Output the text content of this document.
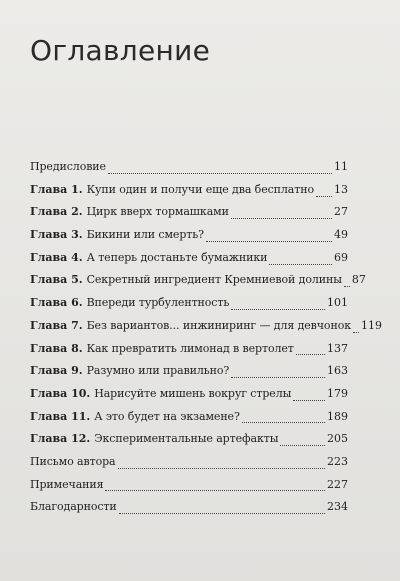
Оглавление
Предисловие	11
Глава 1. Купи один и получи еще два бесплатно 13
Глава 2. Цирк вверх тормашками	27
Глава 3. Бикини или смерть?	49
Глава 4. А теперь достаньте бумажники	69
Глава 5. Секретный ингредиент Кремниевой долины 87
Глава 6. Впереди турбулентность	101
Глава 7. Без вариантов... инжиниринг — для девчонок 119
Глава 8. Как превратить лимонад в вертолет	137
Глава 9. Разумно или правильно?	163
Глава 10. Нарисуйте мишень вокруг стрелы	179
Глава 11. А это будет на экзамене?	189
Глава 12. Экспериментальные артефакты	205
Письмо автора	223
Примечания	227
Благодарности	234
